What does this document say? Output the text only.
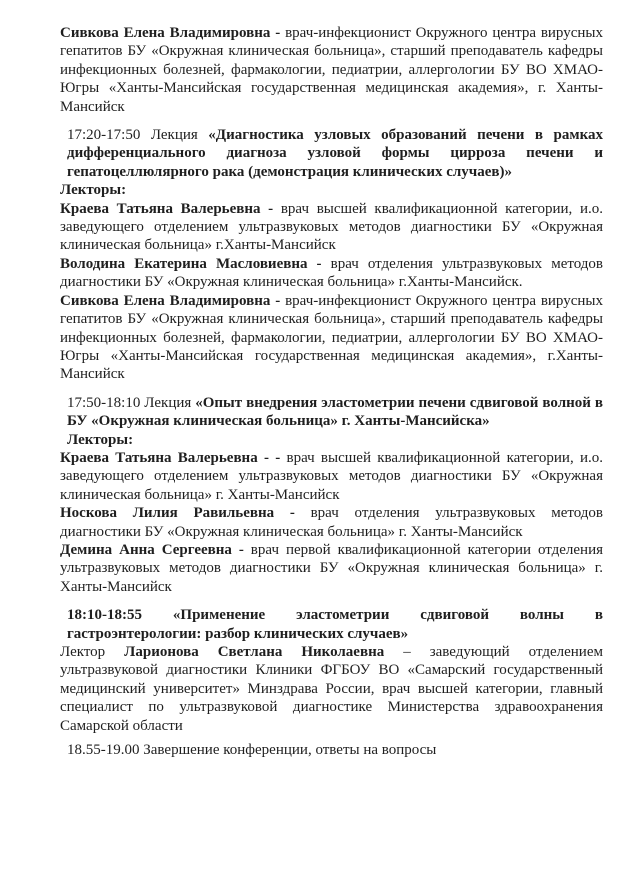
Сивкова Елена Владимировна - врач-инфекционист Окружного центра вирусных гепатитов БУ «Окружная клиническая больница», старший преподаватель кафедры инфекционных болезней, фармакологии, педиатрии, аллергологии БУ ВО ХМАО-Югры «Ханты-Мансийская государственная медицинская академия», г. Ханты-Мансийск

17:20-17:50 Лекция «Диагностика узловых образований печени в рамках дифференциального диагноза узловой формы цирроза печени и гепатоцеллюлярного рака (демонстрация клинических случаев)»

Лекторы:

Краева Татьяна Валерьевна - врач высшей квалификационной категории, и.о. заведующего отделением ультразвуковых методов диагностики БУ «Окружная клиническая больница» г.Ханты-Мансийск

Володина Екатерина Масловиевна - врач отделения ультразвуковых методов диагностики БУ «Окружная клиническая больница» г.Ханты-Мансийск.

Сивкова Елена Владимировна - врач-инфекционист Окружного центра вирусных гепатитов БУ «Окружная клиническая больница», старший преподаватель кафедры инфекционных болезней, фармакологии, педиатрии, аллергологии БУ ВО ХМАО-Югры «Ханты-Мансийская государственная медицинская академия», г.Ханты-Мансийск

17:50-18:10 Лекция «Опыт внедрения эластометрии печени сдвиговой волной в БУ «Окружная клиническая больница» г. Ханты-Мансийска»

Лекторы:

Краева Татьяна Валерьевна - - врач высшей квалификационной категории, и.о. заведующего отделением ультразвуковых методов диагностики БУ «Окружная клиническая больница» г. Ханты-Мансийск

Носкова Лилия Равильевна - врач отделения ультразвуковых методов диагностики БУ «Окружная клиническая больница» г. Ханты-Мансийск

Демина Анна Сергеевна - врач первой квалификационной категории отделения ультразвуковых методов диагностики БУ «Окружная клиническая больница» г. Ханты-Мансийск

18:10-18:55 «Применение эластометрии сдвиговой волны в гастроэнтерологии: разбор клинических случаев»

Лектор Ларионова Светлана Николаевна – заведующий отделением ультразвуковой диагностики Клиники ФГБОУ ВО «Самарский государственный медицинский университет» Минздрава России, врач высшей категории, главный специалист по ультразвуковой диагностике Министерства здравоохранения Самарской области

18.55-19.00 Завершение конференции, ответы на вопросы
